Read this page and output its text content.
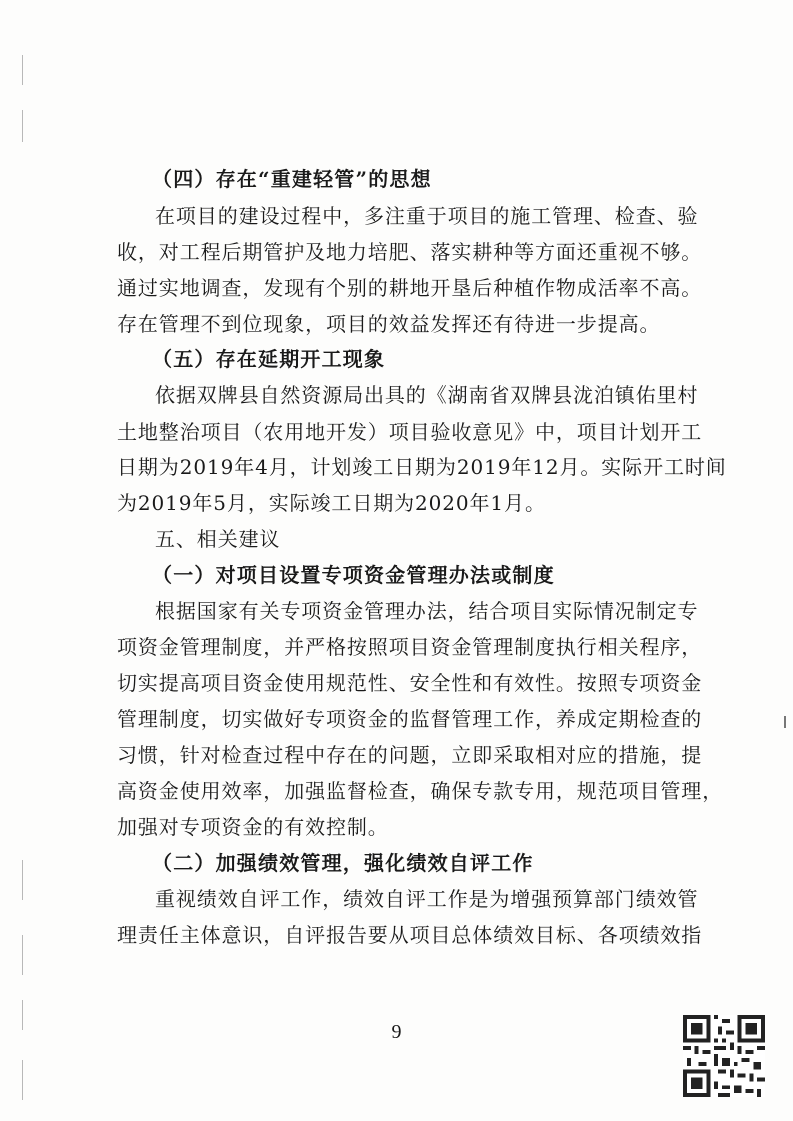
（四）存在“重建轻管”的思想
在项目的建设过程中，多注重于项目的施工管理、检查、验
收，对工程后期管护及地力培肥、落实耕种等方面还重视不够。
通过实地调查，发现有个别的耕地开垦后种植作物成活率不高。
存在管理不到位现象，项目的效益发挥还有待进一步提高。
（五）存在延期开工现象
依据双牌县自然资源局出具的《湖南省双牌县泷泊镇佑里村
土地整治项目（农用地开发）项目验收意见》中，项目计划开工
日期为2019年4月，计划竣工日期为2019年12月。实际开工时间
为2019年5月，实际竣工日期为2020年1月。
五、相关建议
（一）对项目设置专项资金管理办法或制度
根据国家有关专项资金管理办法，结合项目实际情况制定专
项资金管理制度，并严格按照项目资金管理制度执行相关程序，
切实提高项目资金使用规范性、安全性和有效性。按照专项资金
管理制度，切实做好专项资金的监督管理工作，养成定期检查的
习惯，针对检查过程中存在的问题，立即采取相对应的措施，提
高资金使用效率，加强监督检查，确保专款专用，规范项目管理，
加强对专项资金的有效控制。
（二）加强绩效管理，强化绩效自评工作
重视绩效自评工作，绩效自评工作是为增强预算部门绩效管
理责任主体意识，自评报告要从项目总体绩效目标、各项绩效指
9
